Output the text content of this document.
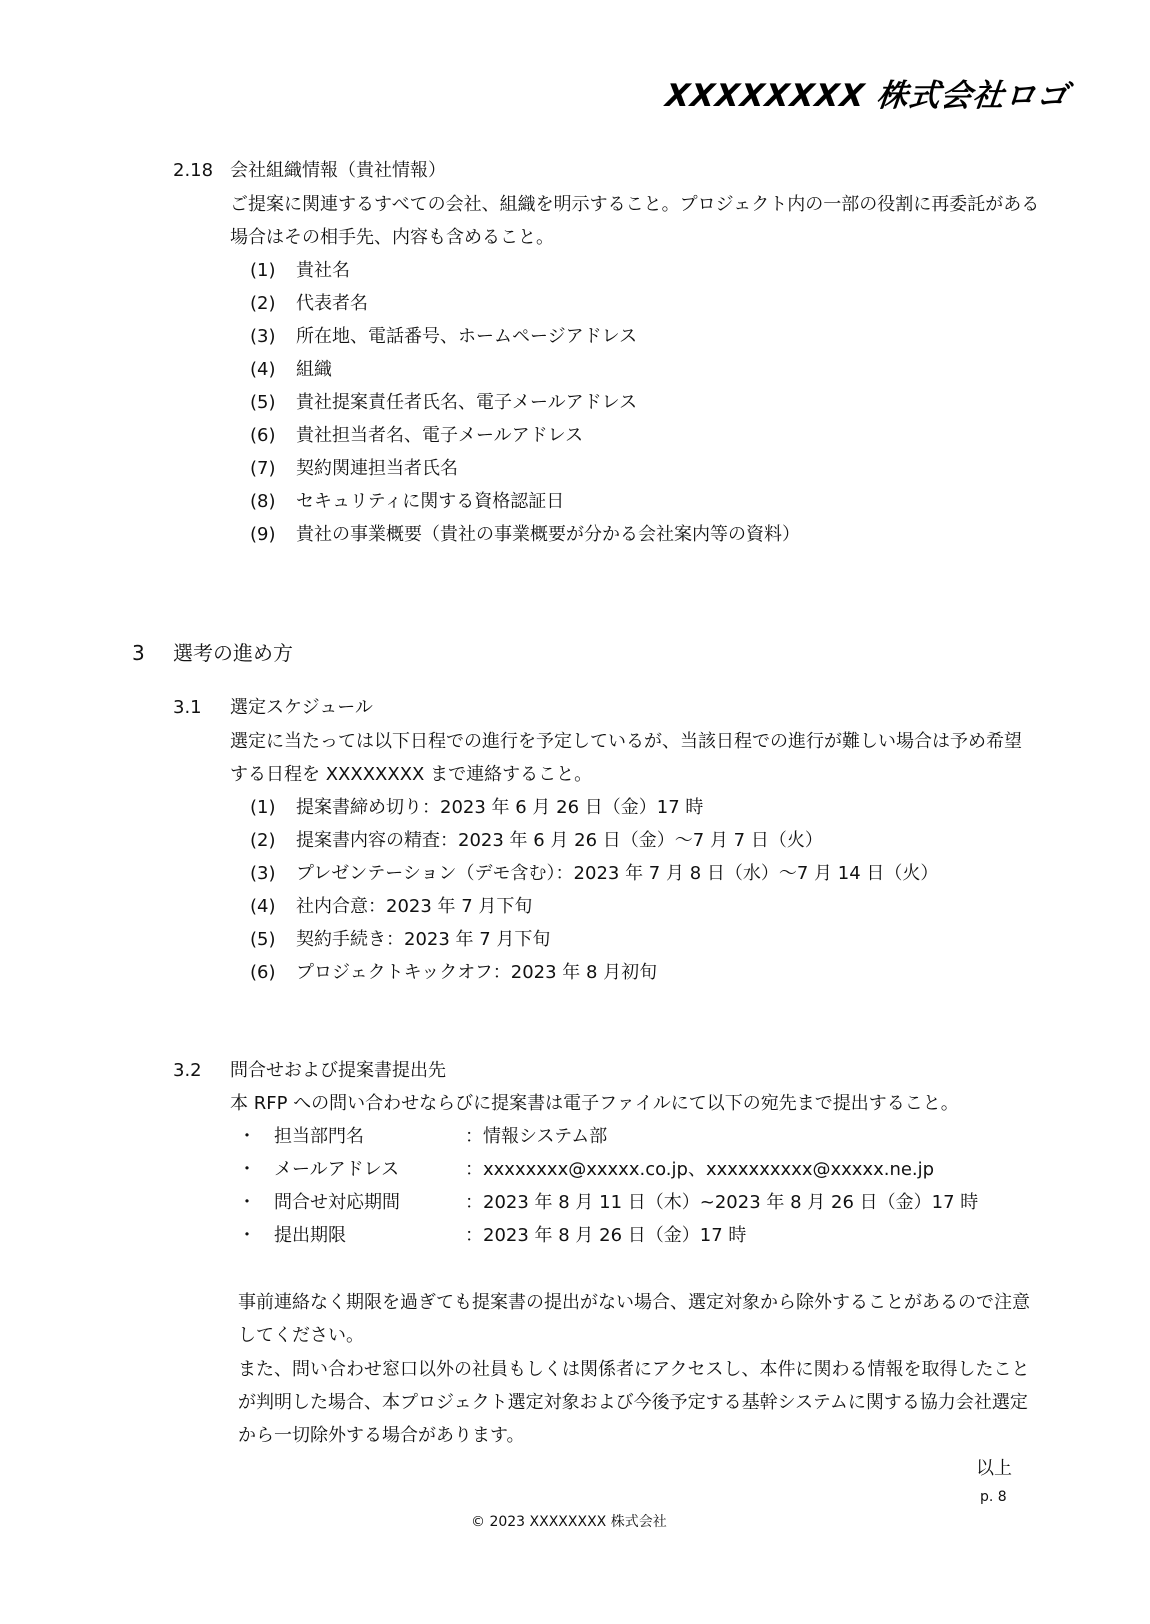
XXXXXXXX 株式会社ロゴ
2.18 会社組織情報（貴社情報）
ご提案に関連するすべての会社、組織を明示すること。プロジェクト内の一部の役割に再委託がある
場合はその相手先、内容も含めること。
(1) 貴社名
(2) 代表者名
(3) 所在地、電話番号、ホームページアドレス
(4) 組織
(5) 貴社提案責任者氏名、電子メールアドレス
(6) 貴社担当者名、電子メールアドレス
(7) 契約関連担当者氏名
(8) セキュリティに関する資格認証日
(9) 貴社の事業概要（貴社の事業概要が分かる会社案内等の資料）
3 選考の進め方
3.1 選定スケジュール
選定に当たっては以下日程での進行を予定しているが、当該日程での進行が難しい場合は予め希望
する日程を XXXXXXXX まで連絡すること。
(1) 提案書締め切り：2023 年 6 月 26 日（金）17 時
(2) 提案書内容の精査：2023 年 6 月 26 日（金）～7 月 7 日（火）
(3) プレゼンテーション（デモ含む）：2023 年 7 月 8 日（水）～7 月 14 日（火）
(4) 社内合意：2023 年 7 月下旬
(5) 契約手続き：2023 年 7 月下旬
(6) プロジェクトキックオフ：2023 年 8 月初旬
3.2 問合せおよび提案書提出先
本 RFP への問い合わせならびに提案書は電子ファイルにて以下の宛先まで提出すること。
・ 担当部門名	：情報システム部
・ メールアドレス	：xxxxxxxx@xxxxx.co.jp、xxxxxxxxxx@xxxxx.ne.jp
・ 問合せ対応期間	：2023 年 8 月 11 日（木）~2023 年 8 月 26 日（金）17 時
・ 提出期限	：2023 年 8 月 26 日（金）17 時
事前連絡なく期限を過ぎても提案書の提出がない場合、選定対象から除外することがあるので注意
してください。
また、問い合わせ窓口以外の社員もしくは関係者にアクセスし、本件に関わる情報を取得したこと
が判明した場合、本プロジェクト選定対象および今後予定する基幹システムに関する協力会社選定
から一切除外する場合があります。
以上
p. 8
© 2023 XXXXXXXX 株式会社
